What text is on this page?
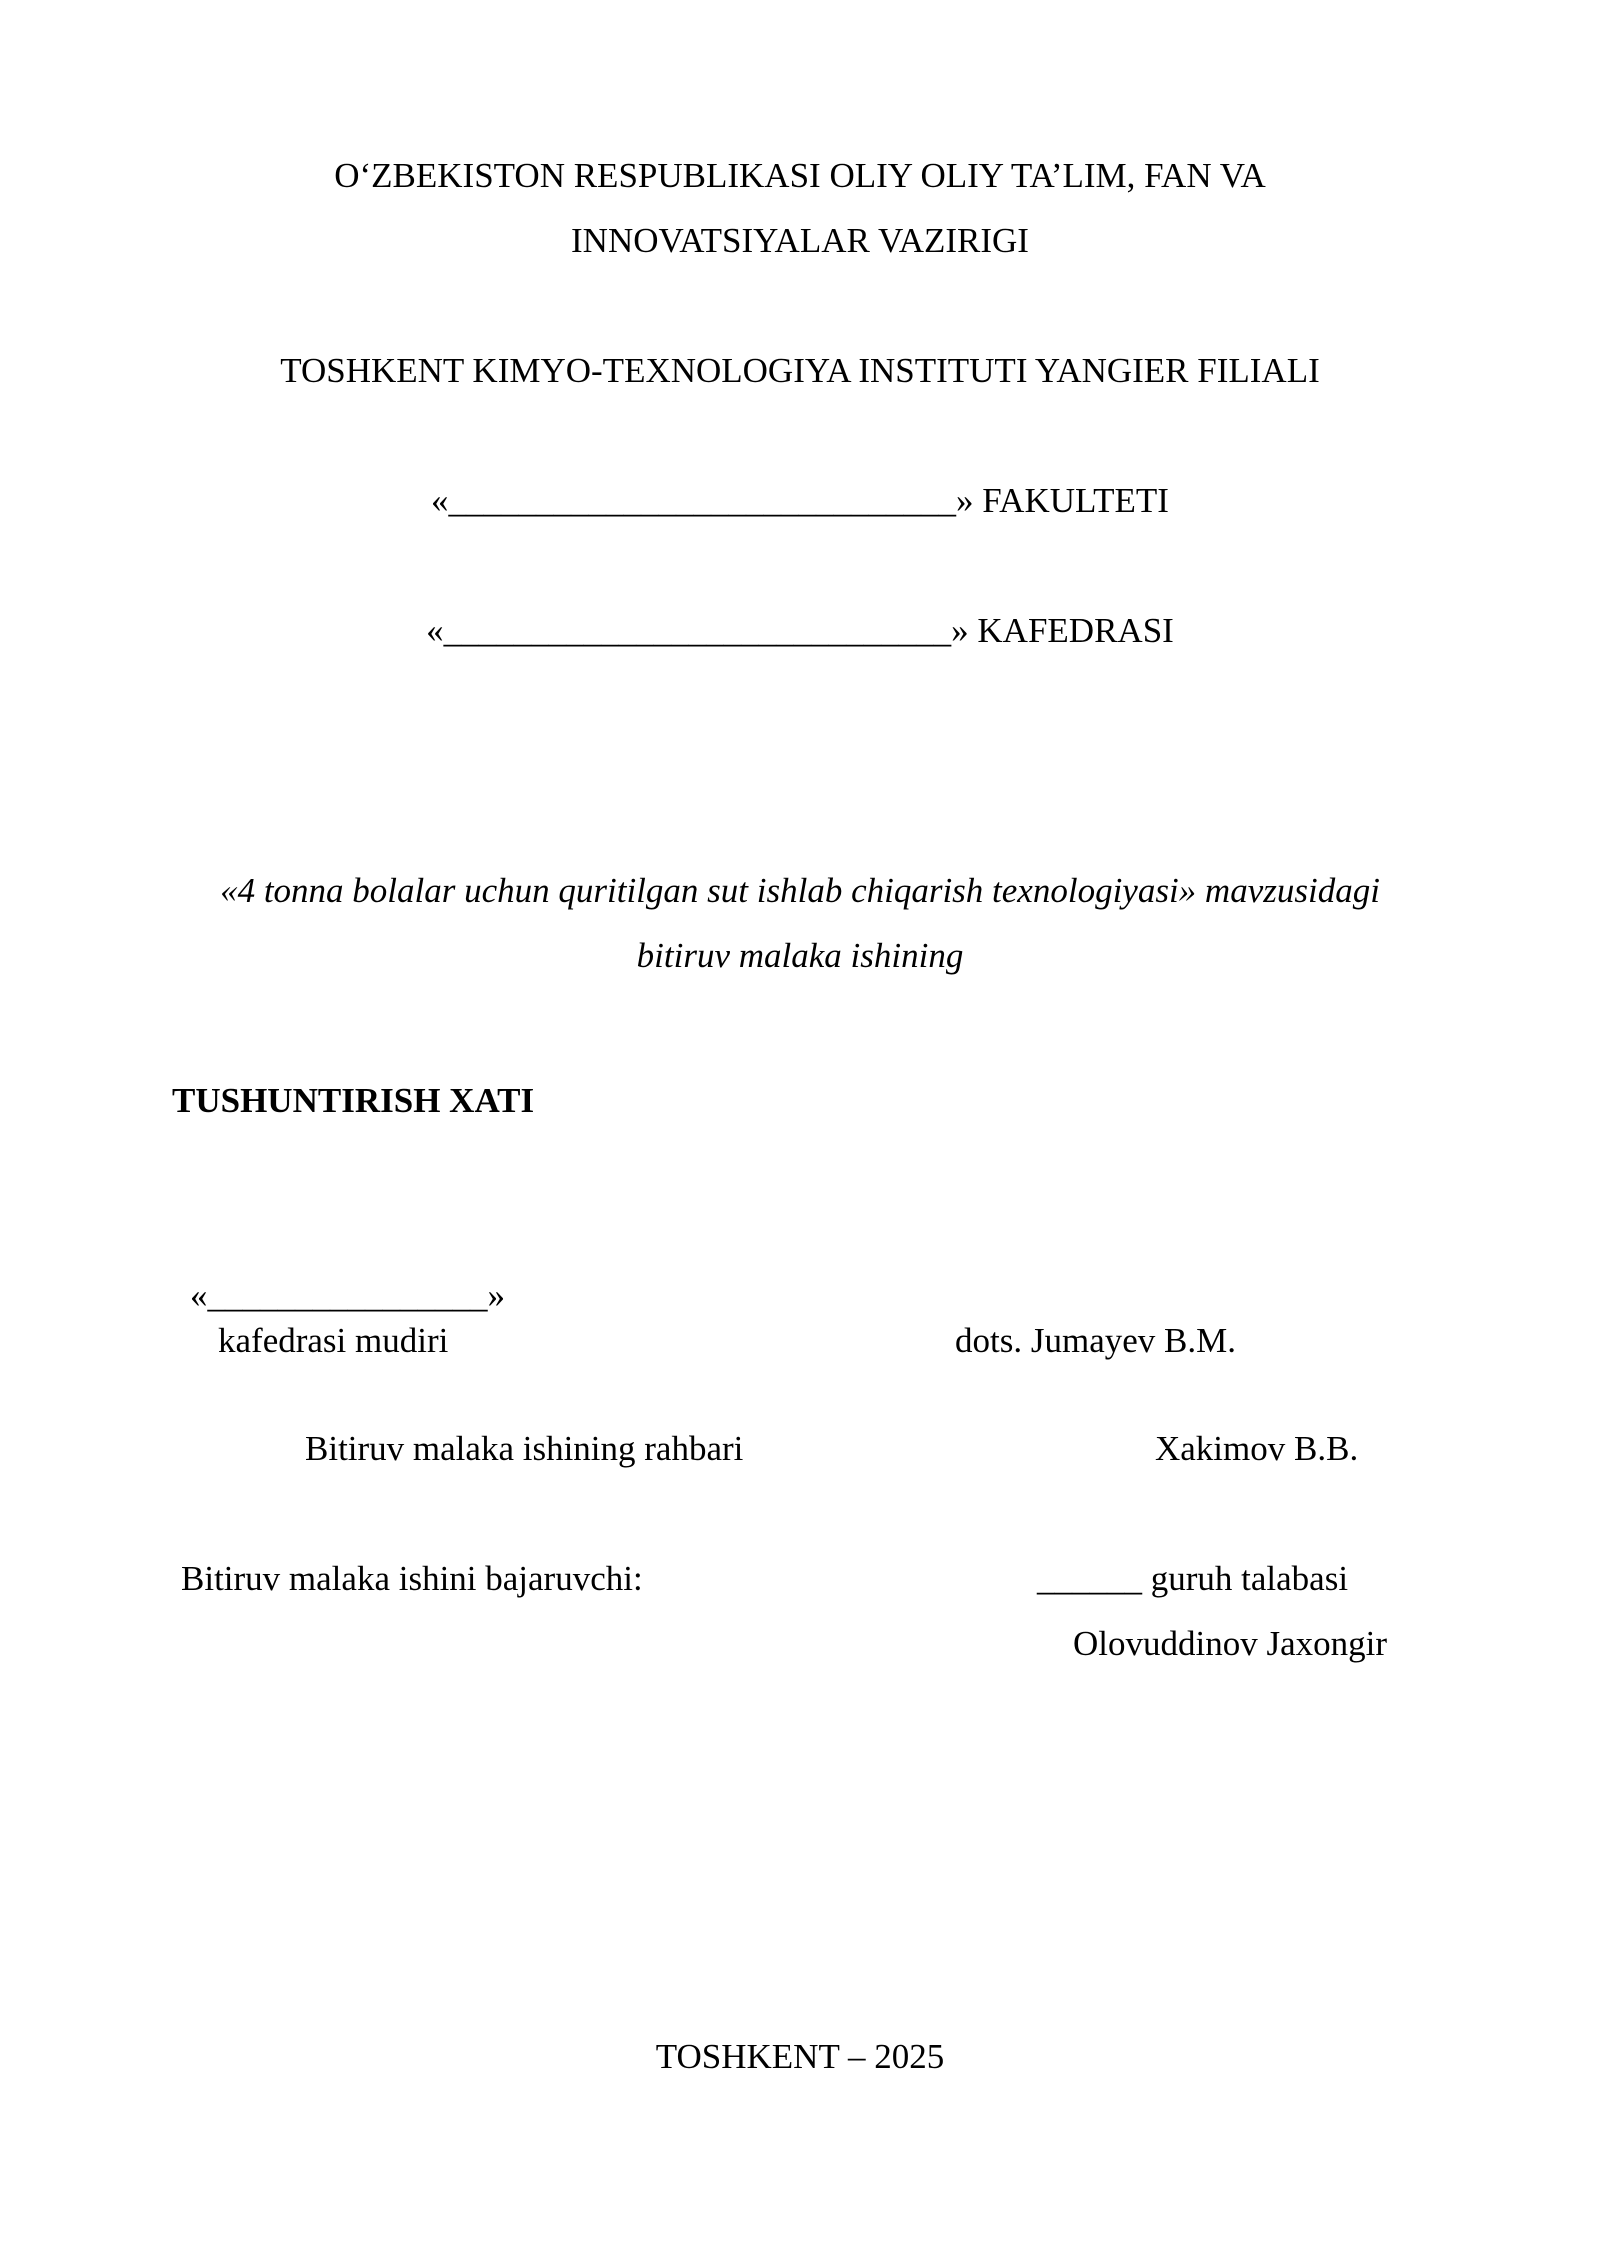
O‘ZBEKISTON RESPUBLIKASI OLIY OLIY TA’LIM, FAN VA
INNOVATSIYALAR VAZIRIGI
TOSHKENT KIMYO-TEXNOLOGIYA INSTITUTI YANGIER FILIALI
«_____________________________» FAKULTETI
«_____________________________» KAFEDRASI
«4 tonna bolalar uchun quritilgan sut ishlab chiqarish texnologiyasi» mavzusidagi
bitiruv malaka ishining
TUSHUNTIRISH XATI
«________________»
kafedrasi mudiri	dots. Jumayev B.M.
Bitiruv malaka ishining rahbari	Xakimov B.B.
Bitiruv malaka ishini bajaruvchi:	______ guruh talabasi
Olovuddinov Jaxongir
TOSHKENT – 2025
